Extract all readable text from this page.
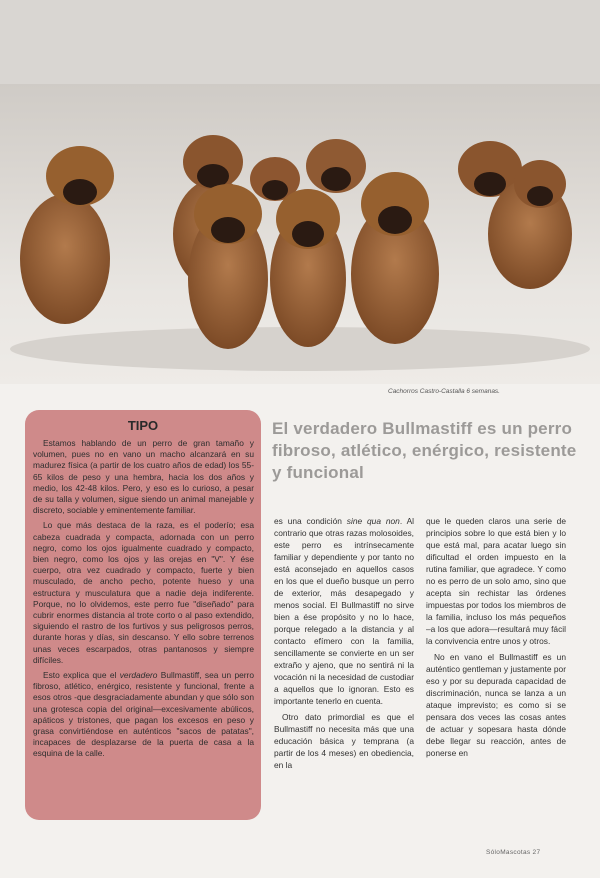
Cachorros Castro-Castalla 6 semanas.
TIPO

Estamos hablando de un perro de gran tamaño y volumen, pues no en vano un macho alcanzará en su madurez física (a partir de los cuatro años de edad) los 55-65 kilos de peso y una hembra, hacia los dos años y medio, los 42-48 kilos. Pero, y eso es lo curioso, a pesar de su talla y volumen, sigue siendo un animal manejable y discreto, sociable y eminentemente familiar.

Lo que más destaca de la raza, es el poderío; esa cabeza cuadrada y compacta, adornada con un perro negro, como los ojos igualmente cuadrado y compacto, bien negro, como los ojos y las orejas en "V". Y ése cuerpo, otra vez cuadrado y compacto, fuerte y bien musculado, de ancho pecho, potente hueso y una estructura y musculatura que a nadie deja indiferente. Porque, no lo olvidemos, este perro fue "diseñado" para cubrir enormes distancia al trote corto o al paso extendido, siguiendo el rastro de los furtivos y sus peligrosos perros, durante horas y días, sin descanso. Y ello sobre terrenos unas veces escarpados, otras pantanosos y siempre difíciles.

Esto explica que el verdadero Bullmastiff, sea un perro fibroso, atlético, enérgico, resistente y funcional, frente a esos otros -que desgraciadamente abundan y que sólo son una grotesca copia del original—excesivamente abúlicos, apáticos y tristones, que pagan los excesos en peso y grasa convirtiéndose en auténticos "sacos de patatas", incapaces de desplazarse de la puerta de casa a la esquina de la calle.

El verdadero Bullmastiff es un perro fibroso, atlético, enérgico, resistente y funcional

es una condición sine qua non. Al contrario que otras razas molosoides, este perro es intrínsecamente familiar y dependiente y por tanto no está aconsejado en aquellos casos en los que el dueño busque un perro de exterior, más desapegado y menos social. El Bullmastiff no sirve bien a ése propósito y no lo hace, porque relegado a la distancia y al contacto efímero con la familia, sencillamente se convierte en un ser extraño y ajeno, que no sentirá ni la vocación ni la necesidad de custodiar a aquellos que lo ignoran. Esto es importante tenerlo en cuenta.

Otro dato primordial es que el Bullmastiff no necesita más que una educación básica y temprana (a partir de los 4 meses) en obediencia, en la

que le queden claros una serie de principios sobre lo que está bien y lo que está mal, para acatar luego sin dificultad el orden impuesto en la rutina familiar, que agradece. Y como no es perro de un solo amo, sino que acepta sin rechistar las órdenes impuestas por todos los miembros de la familia, incluso los más pequeños –a los que adora—resultará muy fácil la convivencia entre unos y otros.

No en vano el Bullmastiff es un auténtico gentleman y justamente por eso y por su depurada capacidad de discriminación, nunca se lanza a un ataque imprevisto; es como si se pensara dos veces las cosas antes de actuar y sopesara hasta dónde debe llegar su reacción, antes de ponerse en

SóloMascotas 27
